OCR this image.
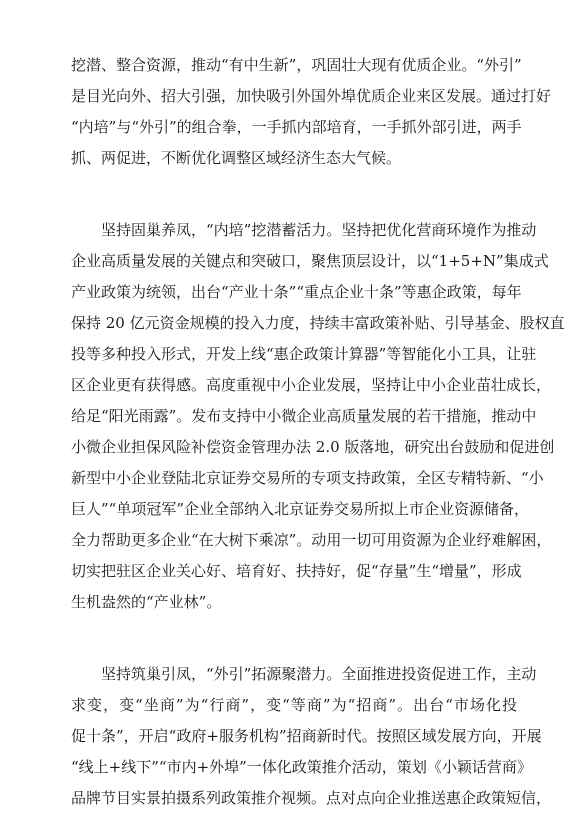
挖潜、整合资源，推动“有中生新”，巩固壮大现有优质企业。“外引”
是目光向外、招大引强，加快吸引外国外埠优质企业来区发展。通过打好
“内培”与“外引”的组合拳，一手抓内部培育，一手抓外部引进，两手
抓、两促进，不断优化调整区域经济生态大气候。
坚持固巢养凤，“内培”挖潜蓄活力。坚持把优化营商环境作为推动
企业高质量发展的关键点和突破口，聚焦顶层设计，以“1+5+N”集成式
产业政策为统领，出台“产业十条”“重点企业十条”等惠企政策，每年
保持 20 亿元资金规模的投入力度，持续丰富政策补贴、引导基金、股权直
投等多种投入形式，开发上线“惠企政策计算器”等智能化小工具，让驻
区企业更有获得感。高度重视中小企业发展，坚持让中小企业苗壮成长，
给足“阳光雨露”。发布支持中小微企业高质量发展的若干措施，推动中
小微企业担保风险补偿资金管理办法 2.0 版落地，研究出台鼓励和促进创
新型中小企业登陆北京证券交易所的专项支持政策，全区专精特新、“小
巨人”“单项冠军”企业全部纳入北京证券交易所拟上市企业资源储备，
全力帮助更多企业“在大树下乘凉”。动用一切可用资源为企业纾难解困，
切实把驻区企业关心好、培育好、扶持好，促“存量”生“增量”，形成
生机盎然的“产业林”。
坚持筑巢引凤，“外引”拓源聚潜力。全面推进投资促进工作，主动
求变，变“坐商”为“行商”，变“等商”为“招商”。出台“市场化投
促十条”，开启“政府+服务机构”招商新时代。按照区域发展方向，开展
“线上+线下”“市内+外埠”一体化政策推介活动，策划《小颖话营商》
品牌节目实景拍摄系列政策推介视频。点对点向企业推送惠企政策短信，
